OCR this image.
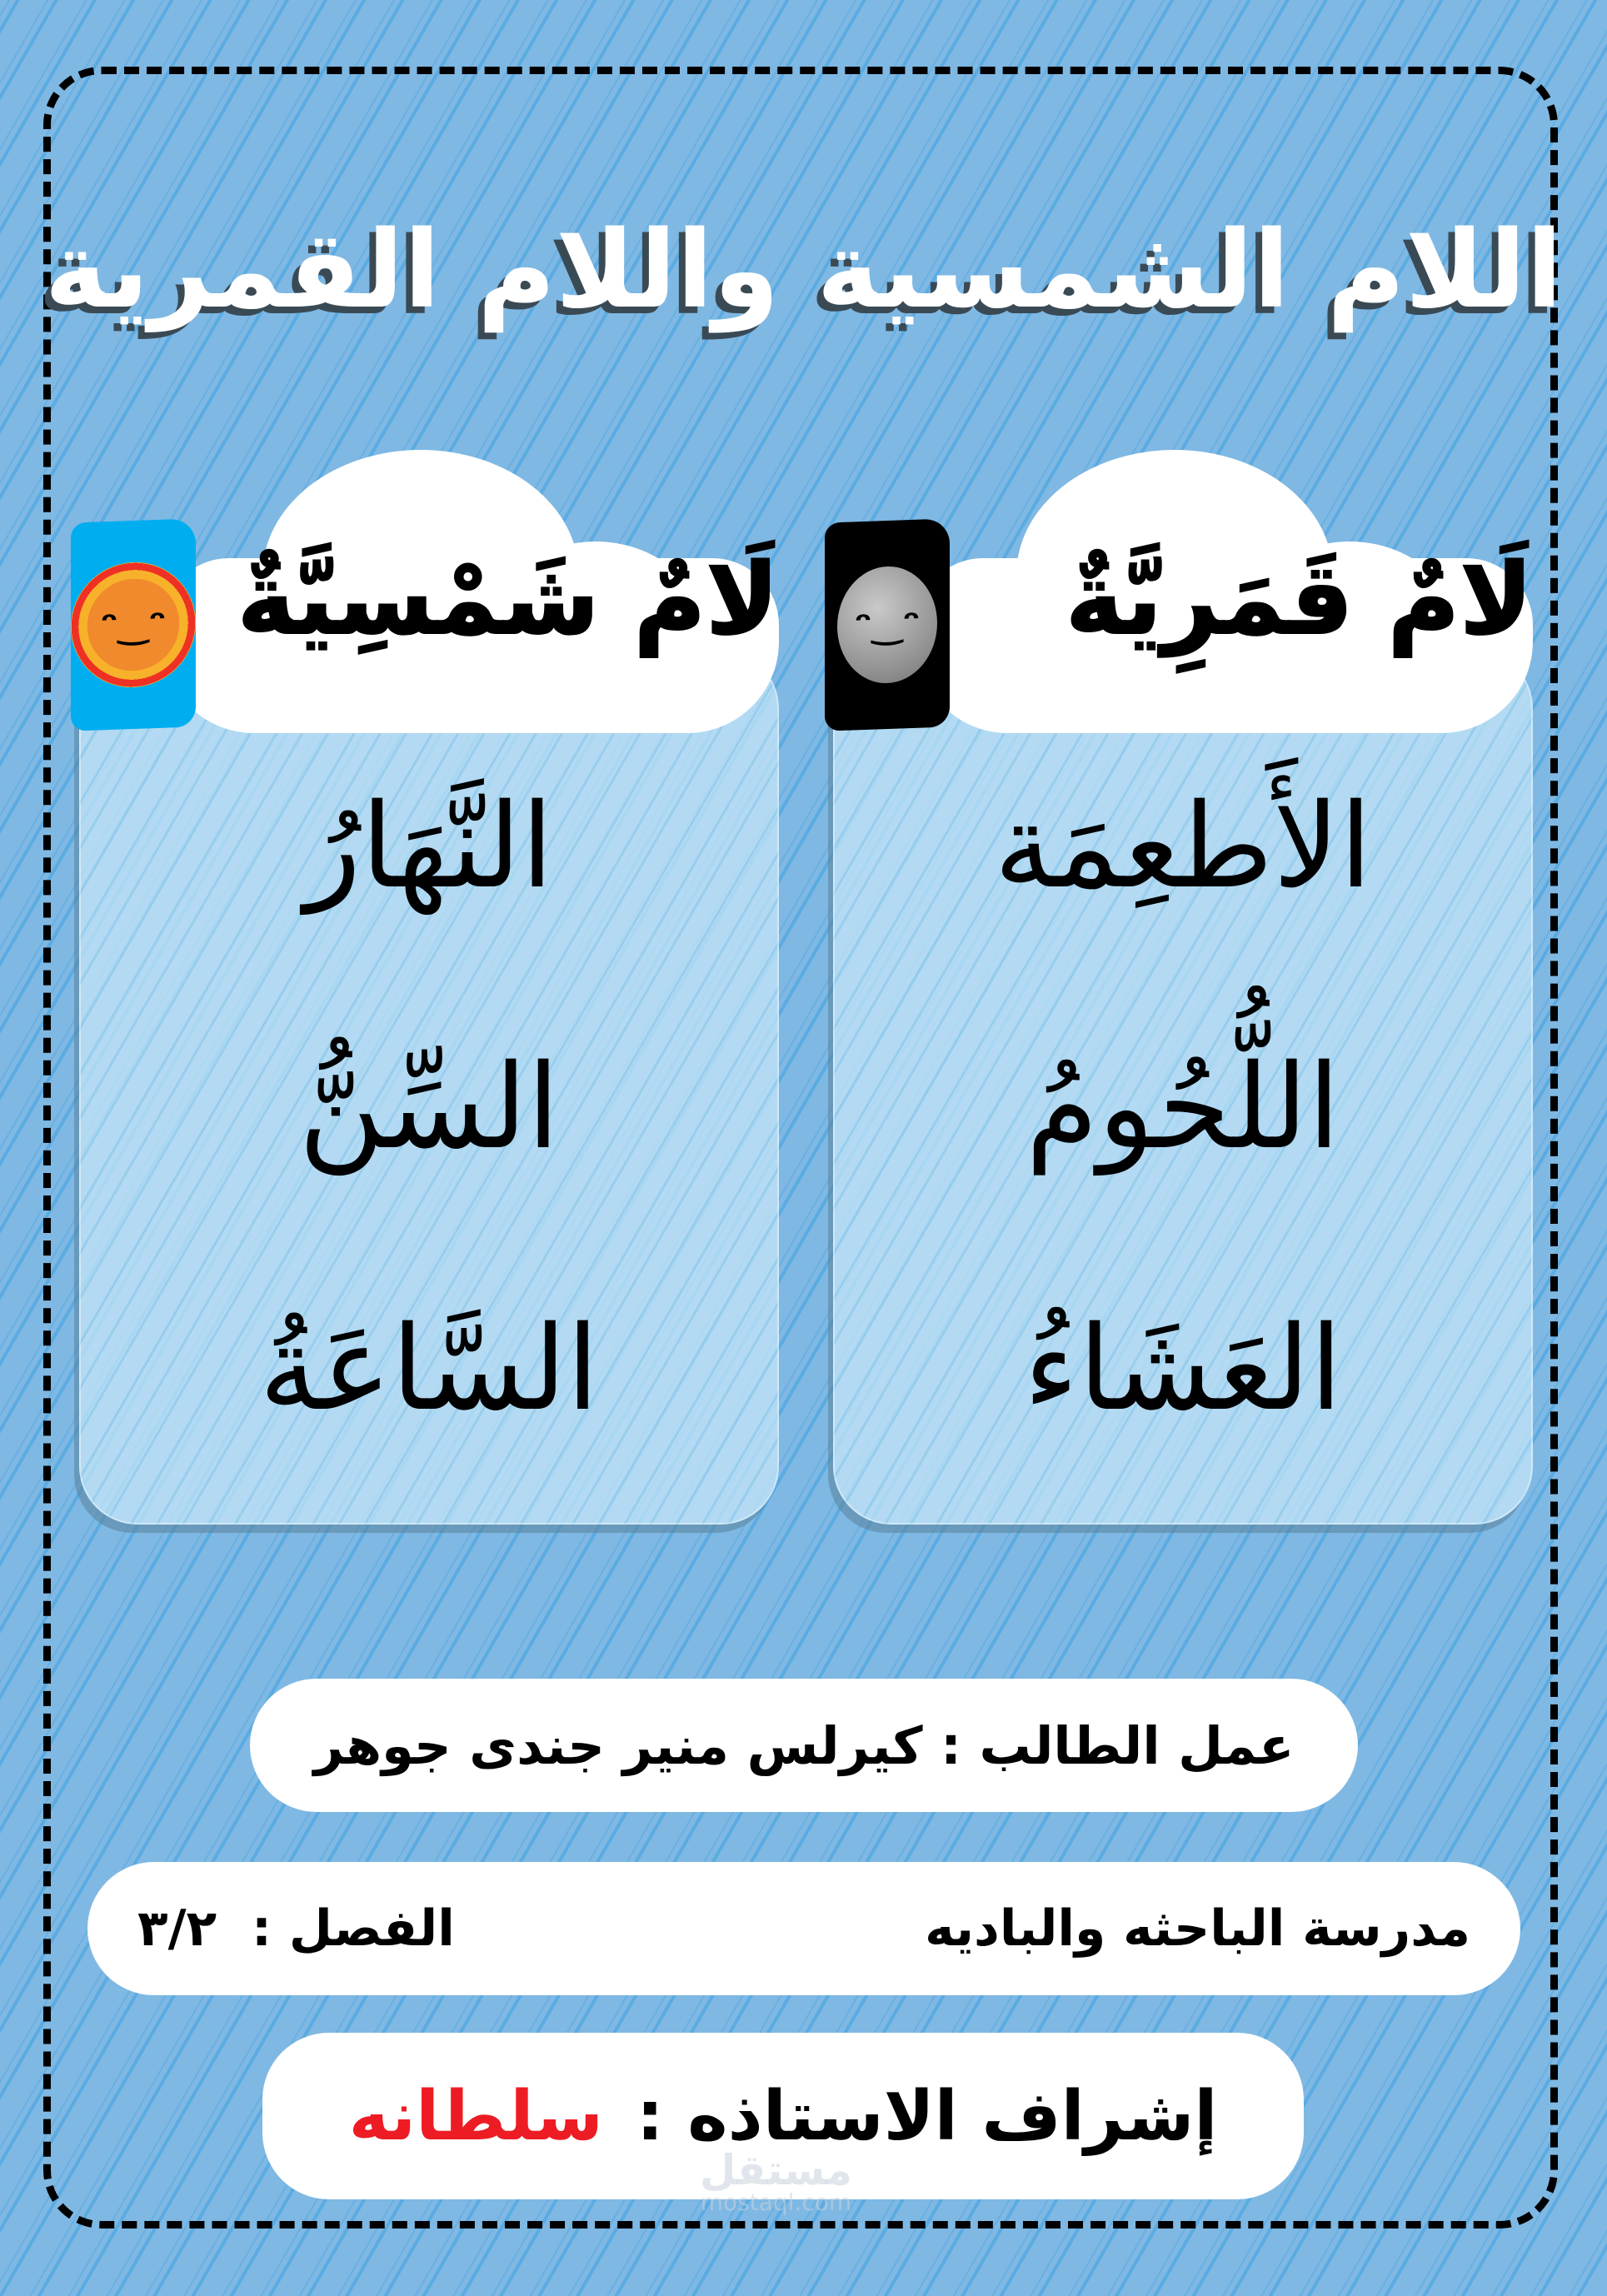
اللام الشمسية واللام القمرية
ᵔ‿ᵔ لَامٌ قَمَرِيَّةٌ
الأَطعِمَة
اللُّحُومُ
العَشَاءُ
ᵔ‿ᵔ لَامٌ شَمْسِيَّةٌ
النَّهَارُ
السِّنُّ
السَّاعَةُ
عمل الطالب :

كيرلس منير جندى جوهر
مدرسة الباحثه والباديه
الفصل :  ٣/٢
إشراف الاستاذه :
سلطانه
مستقل
mostaql.com
